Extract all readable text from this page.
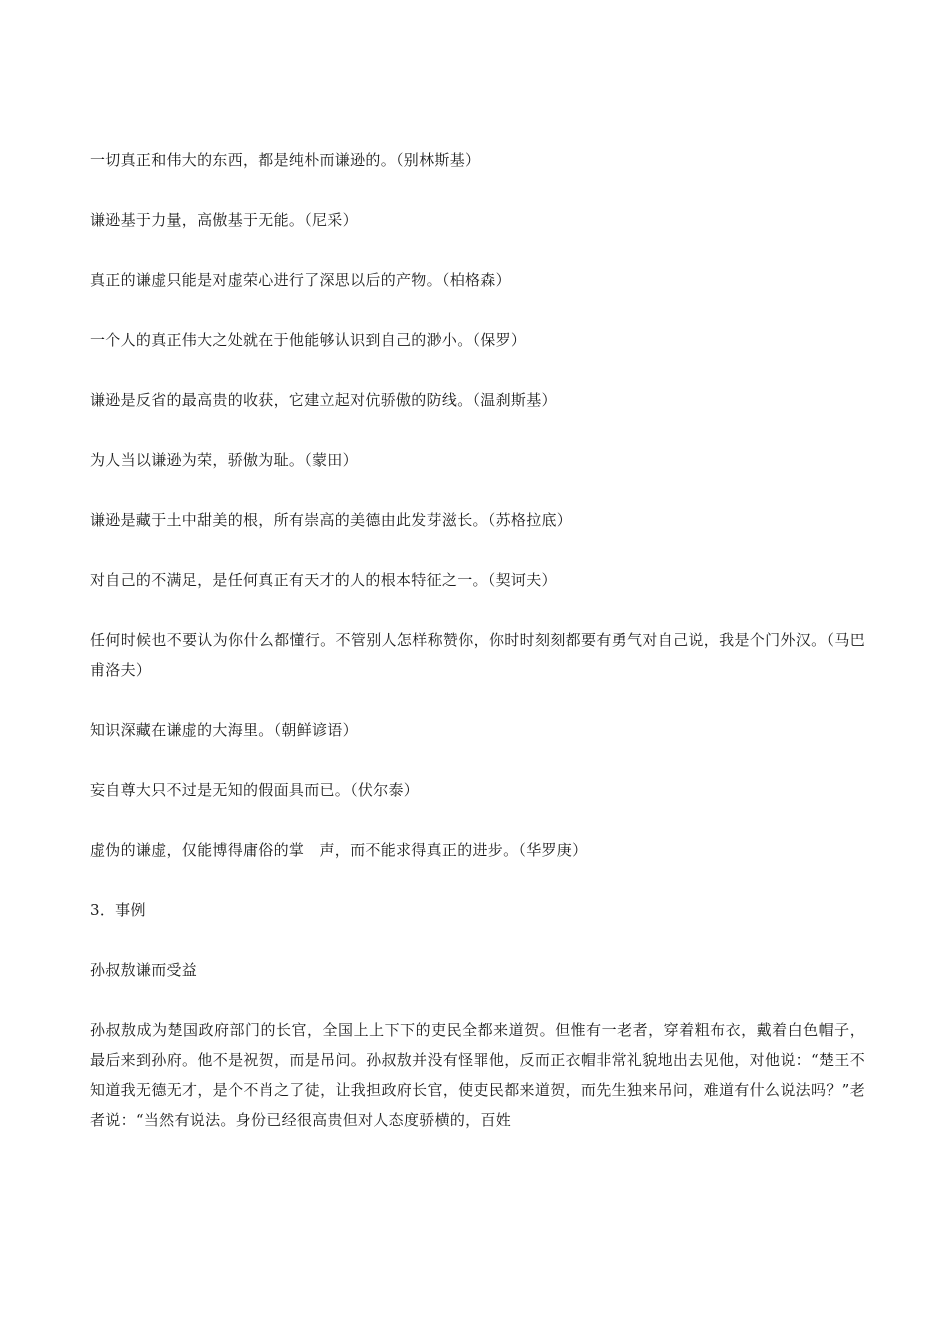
一切真正和伟大的东西，都是纯朴而谦逊的。（别林斯基）

谦逊基于力量，高傲基于无能。（尼采）

真正的谦虚只能是对虚荣心进行了深思以后的产物。（柏格森）

一个人的真正伟大之处就在于他能够认识到自己的渺小。（保罗）

谦逊是反省的最高贵的收获，它建立起对伉骄傲的防线。（温刹斯基）

为人当以谦逊为荣，骄傲为耻。（蒙田）

谦逊是藏于土中甜美的根，所有崇高的美德由此发芽滋长。（苏格拉底）

对自己的不满足，是任何真正有天才的人的根本特征之一。（契诃夫）

任何时候也不要认为你什么都懂行。不管别人怎样称赞你，你时时刻刻都要有勇气对自己说，我是个门外汉。（马巴甫洛夫）

知识深藏在谦虚的大海里。（朝鲜谚语）

妄自尊大只不过是无知的假面具而已。（伏尔泰）

虚伪的谦虚，仅能博得庸俗的掌　声，而不能求得真正的进步。（华罗庚）

3．事例

孙叔敖谦而受益

孙叔敖成为楚国政府部门的长官，全国上上下下的吏民全都来道贺。但惟有一老者，穿着粗布衣，戴着白色帽子，最后来到孙府。他不是祝贺，而是吊问。孙叔敖并没有怪罪他，反而正衣帽非常礼貌地出去见他，对他说：“楚王不知道我无德无才，是个不肖之了徒，让我担政府长官，使吏民都来道贺，而先生独来吊问，难道有什么说法吗？”老者说：“当然有说法。身份已经很高贵但对人态度骄横的，百姓
